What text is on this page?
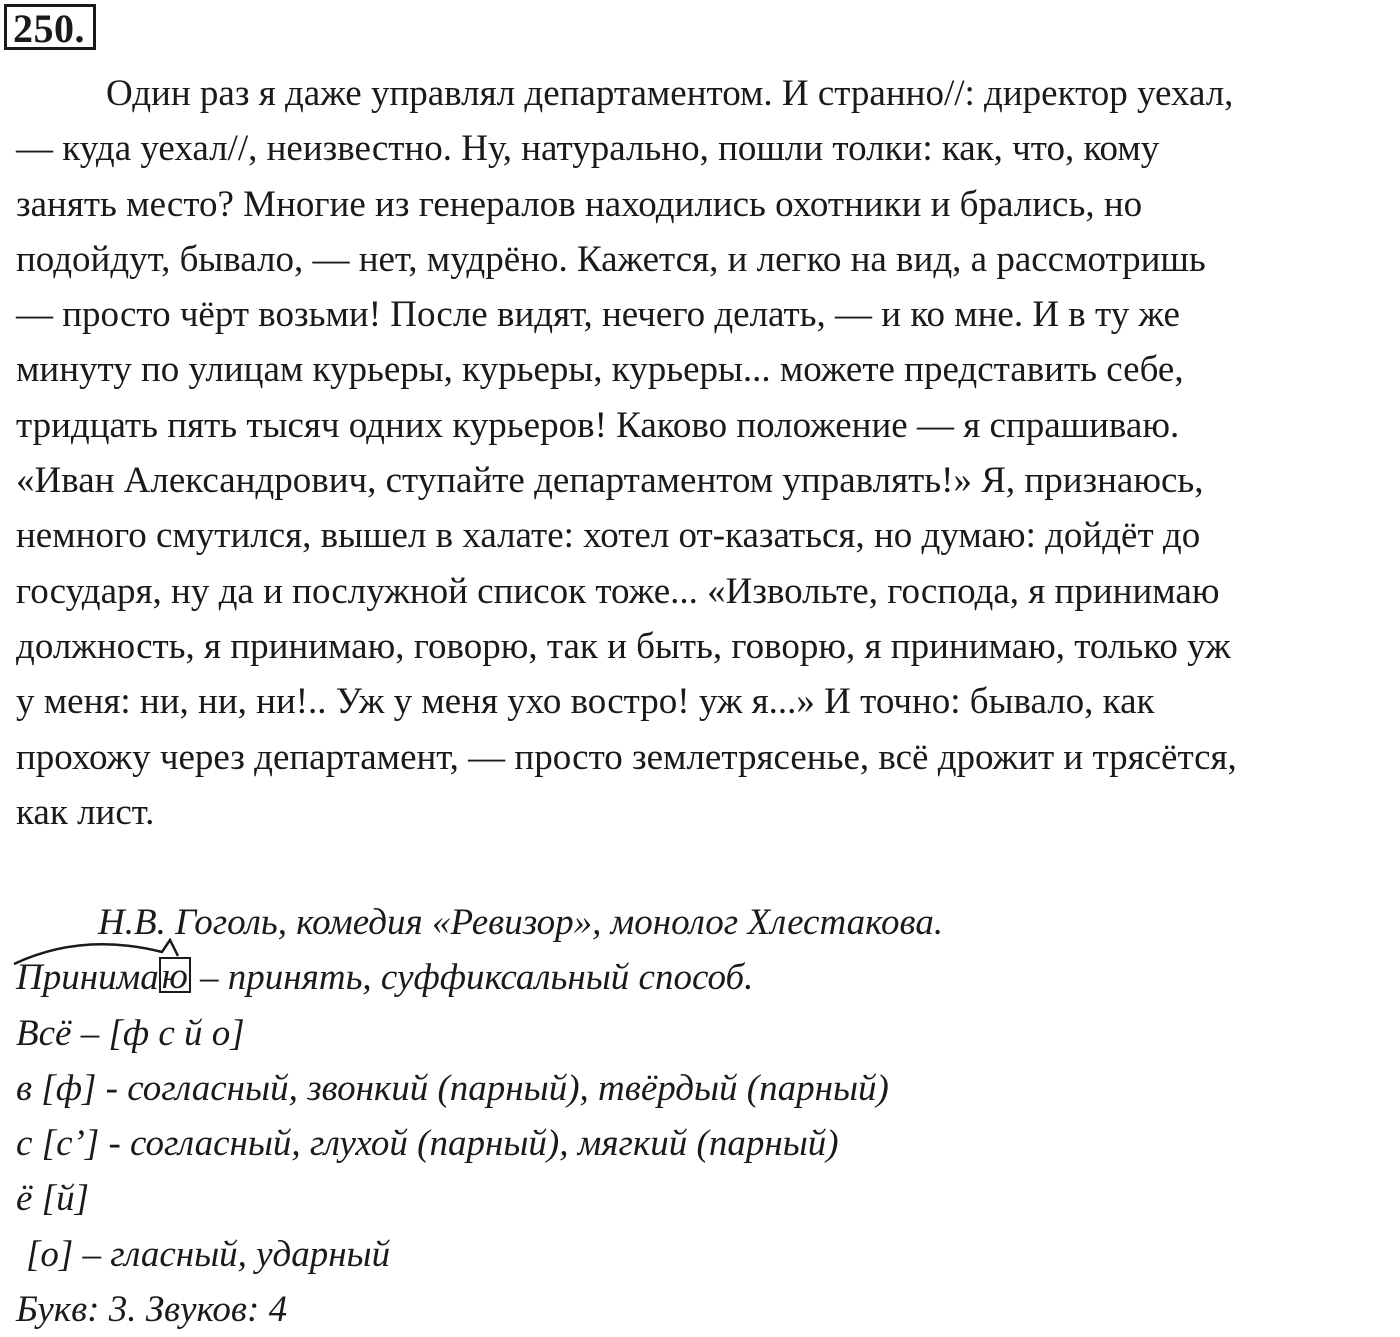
250.
Один раз я даже управлял департаментом. И странно//: директор уехал,
— куда уехал//, неизвестно. Ну, натурально, пошли толки: как, что, кому
занять место? Многие из генералов находились охотники и брались, но
подойдут, бывало, — нет, мудрёно. Кажется, и легко на вид, а рассмотришь
— просто чёрт возьми! После видят, нечего делать, — и ко мне. И в ту же
минуту по улицам курьеры, курьеры, курьеры... можете представить себе,
тридцать пять тысяч одних курьеров! Каково положение — я спрашиваю.
«Иван Александрович, ступайте департаментом управлять!» Я, признаюсь,
немного смутился, вышел в халате: хотел от-казаться, но думаю: дойдёт до
государя, ну да и послужной список тоже... «Извольте, господа, я принимаю
должность, я принимаю, говорю, так и быть, говорю, я принимаю, только уж
у меня: ни, ни, ни!.. Уж у меня ухо востро! уж я...» И точно: бывало, как
прохожу через департамент, — просто землетрясенье, всё дрожит и трясётся,
как лист.
Н.В. Гоголь, комедия «Ревизор», монолог Хлестакова.
Принимаю – принять, суффиксальный способ.
Всё – [ф с й о]
в [ф] - согласный, звонкий (парный), твёрдый (парный)
с [с’] - согласный, глухой (парный), мягкий (парный)
ё [й]
[о] – гласный, ударный
Букв: 3. Звуков: 4
